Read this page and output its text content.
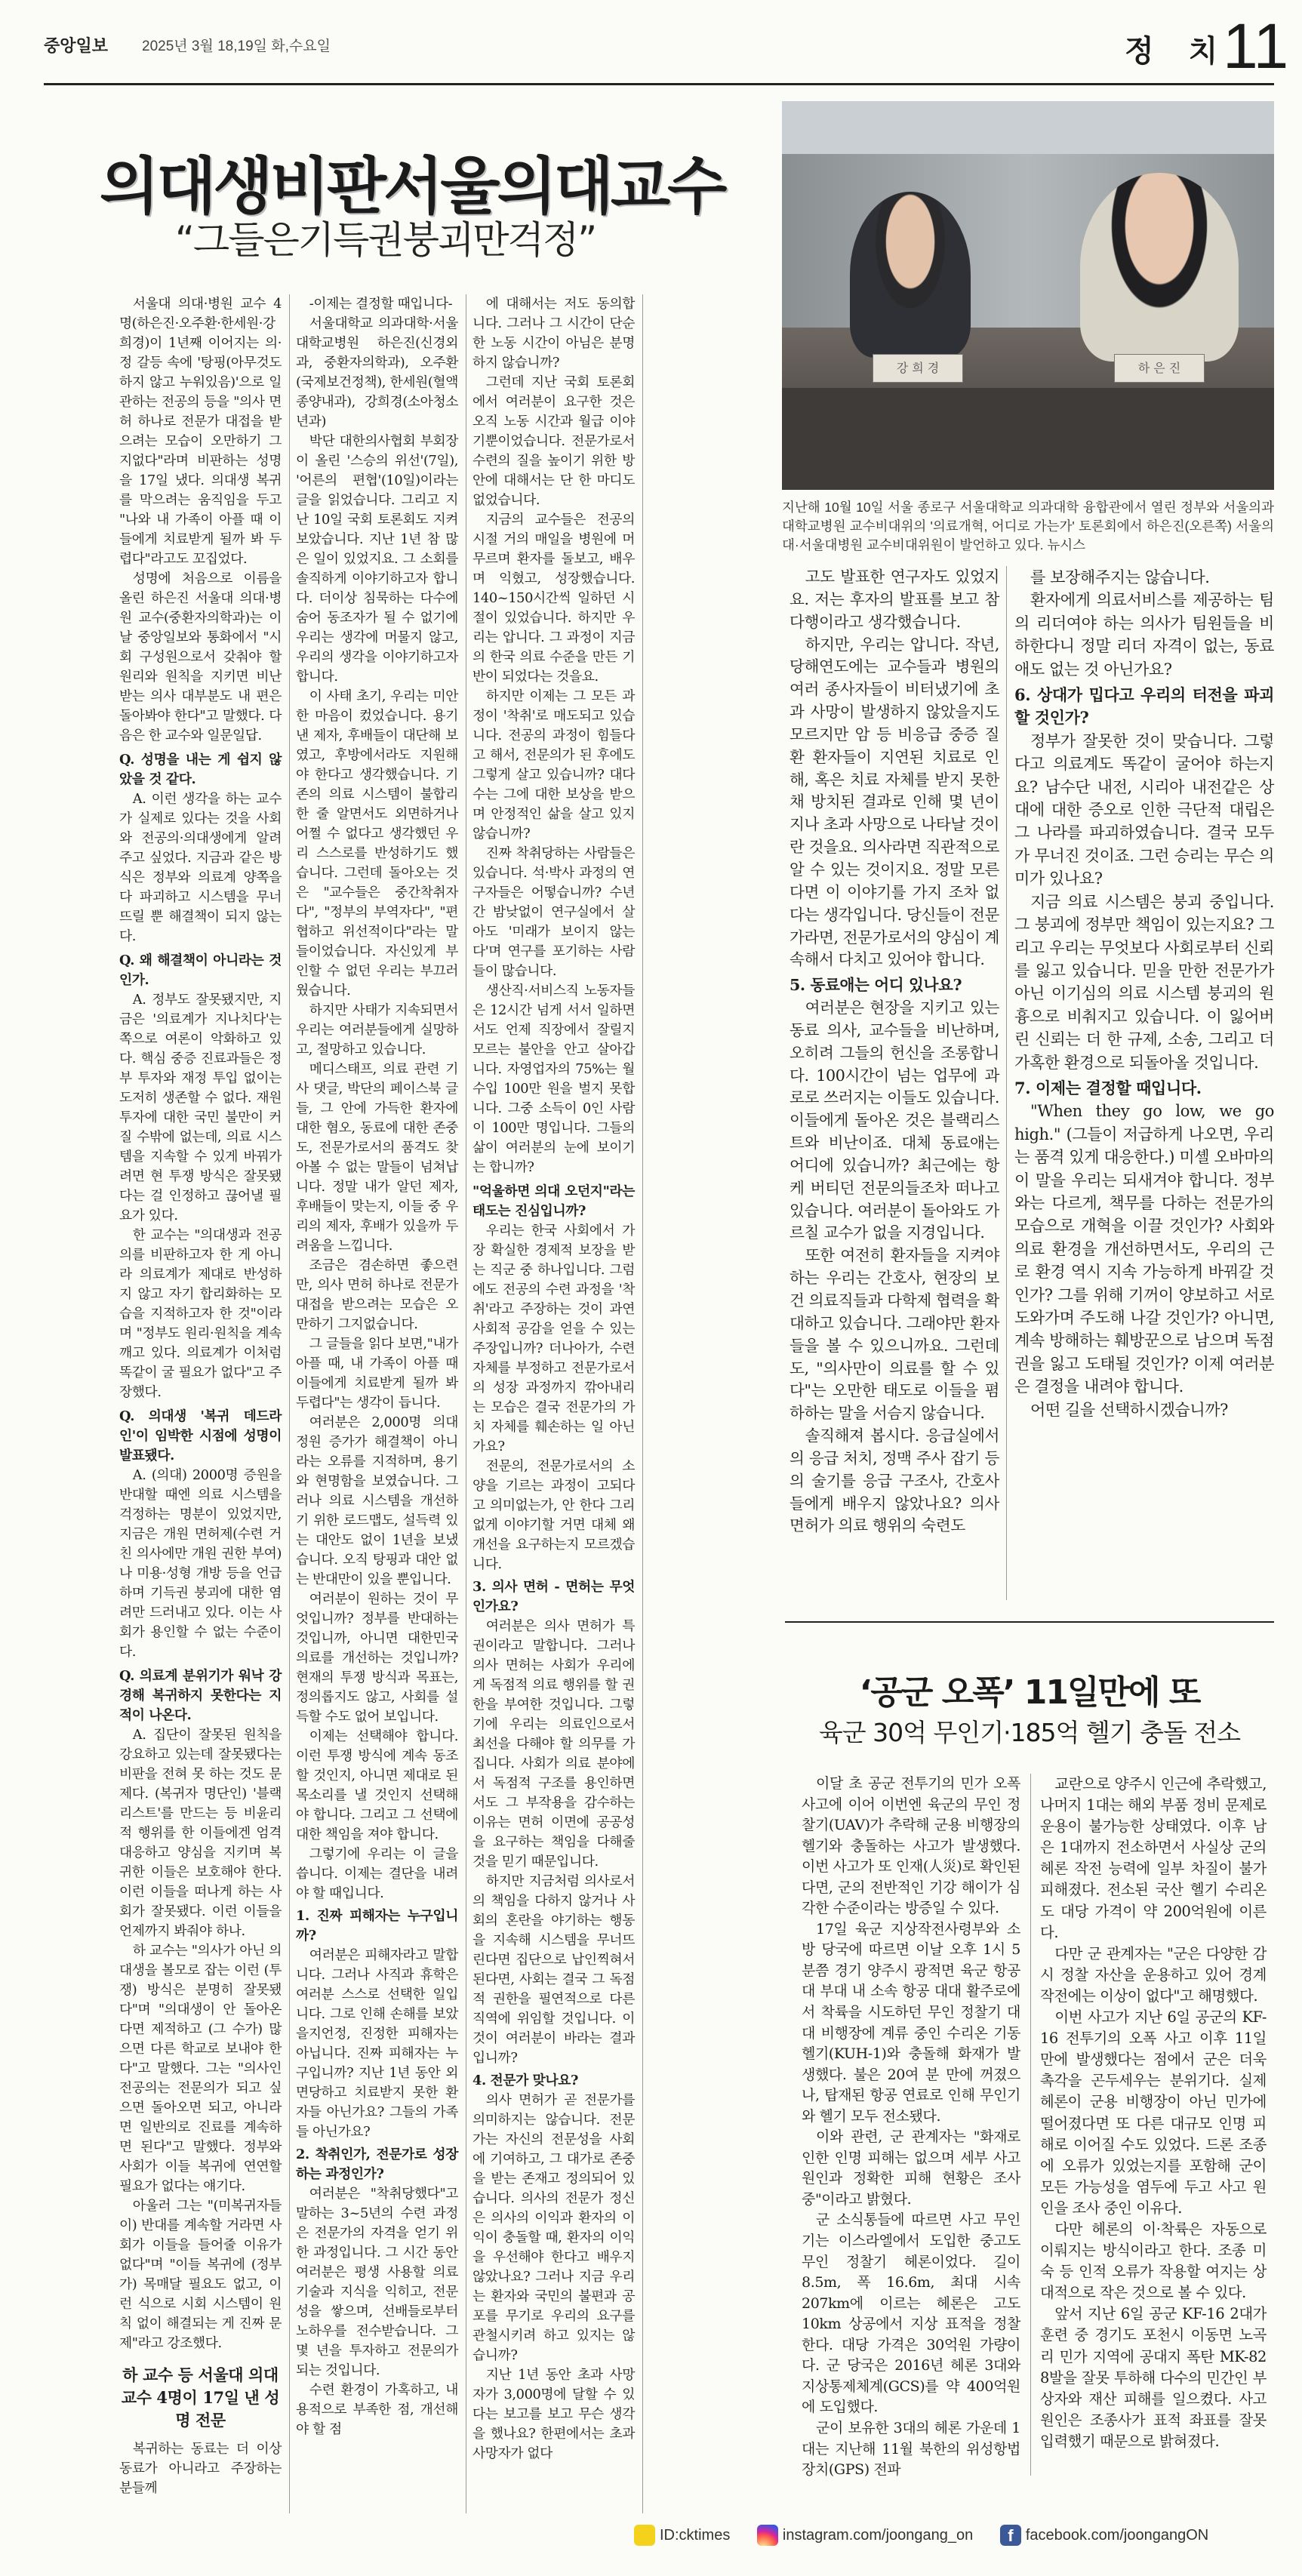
중앙일보 2025년 3월 18,19일 화,수요일	정 치
11
의대생비판서울의대교수
“그들은기득권붕괴만걱정”
강 희 경	하 은 진
지난해 10월 10일 서울 종로구 서울대학교 의과대학 융합관에서 열린 정부와 서울의과대학교병원 교수비대위의 '의료개혁, 어디로 가는가' 토론회에서 하은진(오른쪽) 서울의대·서울대병원 교수비대위원이 발언하고 있다. 뉴시스

서울대 의대·병원 교수 4명(하은진·오주환·한세원·강희경)이 1년째 이어지는 의·정 갈등 속에 '탕핑(아무것도 하지 않고 누워있음)'으로 일관하는 전공의 등을 "의사 면허 하나로 전문가 대접을 받으려는 모습이 오만하기 그지없다"라며 비판하는 성명을 17일 냈다. 의대생 복귀를 막으려는 움직임을 두고 "나와 내 가족이 아플 때 이들에게 치료받게 될까 봐 두렵다"라고도 꼬집었다.

성명에 처음으로 이름을 올린 하은진 서울대 의대·병원 교수(중환자의학과)는 이날 중앙일보와 통화에서 "시회 구성원으로서 갖춰야 할 원리와 원칙을 지키면 비난받는 의사 대부분도 내 편은 돌아봐야 한다"고 말했다. 다음은 한 교수와 일문일답.

Q. 성명을 내는 게 쉽지 않았을 것 같다.

A. 이런 생각을 하는 교수가 실제로 있다는 것을 사회와 전공의·의대생에게 알려주고 싶었다. 지금과 같은 방식은 정부와 의료계 양쪽을 다 파괴하고 시스템을 무너뜨릴 뿐 해결책이 되지 않는다.

Q. 왜 해결책이 아니라는 것인가.

A. 정부도 잘못됐지만, 지금은 '의료계가 지나치다'는 쪽으로 여론이 악화하고 있다. 핵심 중증 진료과들은 정부 투자와 재정 투입 없이는 도저히 생존할 수 없다. 재원 투자에 대한 국민 불만이 커질 수밖에 없는데, 의료 시스템을 지속할 수 있게 바꿔가려면 현 투쟁 방식은 잘못됐다는 걸 인정하고 끊어낼 필요가 있다.

한 교수는 "의대생과 전공의를 비판하고자 한 게 아니라 의료계가 제대로 반성하지 않고 자기 합리화하는 모습을 지적하고자 한 것"이라며 "정부도 원리·원칙을 계속 깨고 있다. 의료계가 이처럼 똑같이 굴 필요가 없다"고 주장했다.

Q. 의대생 '복귀 데드라인'이 임박한 시점에 성명이 발표됐다.

A. (의대) 2000명 증원을 반대할 때엔 의료 시스템을 걱정하는 명분이 있었지만, 지금은 개원 면허제(수련 거친 의사에만 개원 권한 부여)나 미용·성형 개방 등을 언급하며 기득권 붕괴에 대한 염려만 드러내고 있다. 이는 사회가 용인할 수 없는 수준이다.

Q. 의료계 분위기가 워낙 강경해 복귀하지 못한다는 지적이 나온다.

A. 집단이 잘못된 원칙을 강요하고 있는데 잘못됐다는 비판을 전혀 못 하는 것도 문제다. (복귀자 명단인) '블랙리스트'를 만드는 등 비윤리적 행위를 한 이들에겐 엄격 대응하고 양심을 지키며 복귀한 이들은 보호해야 한다. 이런 이들을 떠나게 하는 사회가 잘못됐다. 이런 이들을 언제까지 봐줘야 하나.

하 교수는 "의사가 아닌 의대생을 볼모로 잡는 이런 (투쟁) 방식은 분명히 잘못됐다"며 "의대생이 안 돌아온다면 제적하고 (그 수가) 많으면 다른 학교로 보내야 한다"고 말했다. 그는 "의사인 전공의는 전문의가 되고 싶으면 돌아오면 되고, 아니라면 일반의로 진료를 계속하면 된다"고 말했다. 정부와 사회가 이들 복귀에 연연할 필요가 없다는 얘기다.

아울러 그는 "(미복귀자들이) 반대를 계속할 거라면 사회가 이들을 들어줄 이유가 없다"며 "이들 복귀에 (정부가) 목매달 필요도 없고, 이런 식으로 시회 시스템이 원칙 없이 해결되는 게 진짜 문제"라고 강조했다.

하 교수 등 서울대 의대 교수 4명이 17일 낸 성명 전문

복귀하는 동료는 더 이상 동료가 아니라고 주장하는 분들께

-이제는 결정할 때입니다-

서울대학교 의과대학·서울대학교병원 하은진(신경외과, 중환자의학과), 오주환(국제보건정책), 한세원(혈액종양내과), 강희경(소아청소년과)

박단 대한의사협회 부회장이 올린 '스승의 위선'(7일), '어른의 편협'(10일)이라는 글을 읽었습니다. 그리고 지난 10일 국회 토론회도 지켜보았습니다. 지난 1년 참 많은 일이 있었지요. 그 소회를 솔직하게 이야기하고자 합니다. 더이상 침묵하는 다수에 숨어 동조자가 될 수 없기에 우리는 생각에 머물지 않고, 우리의 생각을 이야기하고자 합니다.

이 사태 초기, 우리는 미안한 마음이 컸었습니다. 용기 낸 제자, 후배들이 대단해 보였고, 후방에서라도 지원해야 한다고 생각했습니다. 기존의 의료 시스템이 불합리한 줄 알면서도 외면하거나 어쩔 수 없다고 생각했던 우리 스스로를 반성하기도 했습니다. 그런데 돌아오는 것은 "교수들은 중간착취자다", "정부의 부역자다", "편협하고 위선적이다"라는 말들이었습니다. 자신있게 부인할 수 없던 우리는 부끄러웠습니다.

하지만 사태가 지속되면서 우리는 여러분들에게 실망하고, 절망하고 있습니다.

메디스태프, 의료 관련 기사 댓글, 박단의 페이스북 글들, 그 안에 가득한 환자에 대한 혐오, 동료에 대한 존중도, 전문가로서의 품격도 찾아볼 수 없는 말들이 넘쳐납니다. 정말 내가 알던 제자, 후배들이 맞는지, 이들 중 우리의 제자, 후배가 있을까 두려움을 느낍니다.

조금은 겸손하면 좋으련만, 의사 면허 하나로 전문가 대접을 받으려는 모습은 오만하기 그지없습니다.

그 글들을 읽다 보면,"내가 아플 때, 내 가족이 아플 때 이들에게 치료받게 될까 봐 두렵다"는 생각이 듭니다.

여러분은 2,000명 의대 정원 증가가 해결책이 아니라는 오류를 지적하며, 용기와 현명함을 보였습니다. 그러나 의료 시스템을 개선하기 위한 로드맵도, 설득력 있는 대안도 없이 1년을 보냈습니다. 오직 탕핑과 대안 없는 반대만이 있을 뿐입니다.

여러분이 원하는 것이 무엇입니까? 정부를 반대하는 것입니까, 아니면 대한민국 의료를 개선하는 것입니까? 현재의 투쟁 방식과 목표는, 정의롭지도 않고, 사회를 설득할 수도 없어 보입니다.

이제는 선택해야 합니다. 이런 투쟁 방식에 계속 동조할 것인지, 아니면 제대로 된 목소리를 낼 것인지 선택해야 합니다. 그리고 그 선택에 대한 책임을 져야 합니다.

그렇기에 우리는 이 글을 씁니다. 이제는 결단을 내려야 할 때입니다.

1. 진짜 피해자는 누구입니까?

여러분은 피해자라고 말합니다. 그러나 사직과 휴학은 여러분 스스로 선택한 일입니다. 그로 인해 손해를 보았을지언정, 진정한 피해자는 아닙니다. 진짜 피해자는 누구입니까? 지난 1년 동안 외면당하고 치료받지 못한 환자들 아닌가요? 그들의 가족들 아닌가요?

2. 착취인가, 전문가로 성장하는 과정인가?

여러분은 "착취당했다"고 말하는 3~5년의 수련 과정은 전문가의 자격을 얻기 위한 과정입니다. 그 시간 동안 여러분은 평생 사용할 의료 기술과 지식을 익히고, 전문성을 쌓으며, 선배들로부터 노하우를 전수받습니다. 그 몇 년을 투자하고 전문의가 되는 것입니다.

수련 환경이 가혹하고, 내용적으로 부족한 점, 개선해야 할 점

에 대해서는 저도 동의합니다. 그러나 그 시간이 단순한 노동 시간이 아님은 분명하지 않습니까?

그런데 지난 국회 토론회에서 여러분이 요구한 것은 오직 노동 시간과 월급 이야기뿐이었습니다. 전문가로서 수련의 질을 높이기 위한 방안에 대해서는 단 한 마디도 없었습니다.

지금의 교수들은 전공의 시절 거의 매일을 병원에 머무르며 환자를 돌보고, 배우며 익혔고, 성장했습니다. 140~150시간씩 일하던 시절이 있었습니다. 하지만 우리는 압니다. 그 과정이 지금의 한국 의료 수준을 만든 기반이 되었다는 것을요.

하지만 이제는 그 모든 과정이 '착취'로 매도되고 있습니다. 전공의 과정이 힘들다고 해서, 전문의가 된 후에도 그렇게 살고 있습니까? 대다수는 그에 대한 보상을 받으며 안정적인 삶을 살고 있지 않습니까?

진짜 착취당하는 사람들은 있습니다. 석·박사 과정의 연구자들은 어떻습니까? 수년간 밤낮없이 연구실에서 살아도 '미래가 보이지 않는다'며 연구를 포기하는 사람들이 많습니다.

생산직·서비스직 노동자들은 12시간 넘게 서서 일하면서도 언제 직장에서 잘릴지 모르는 불안을 안고 살아갑니다. 자영업자의 75%는 월수입 100만 원을 벌지 못합니다. 그중 소득이 0인 사람이 100만 명입니다. 그들의 삶이 여러분의 눈에 보이기는 합니까?

"억울하면 의대 오던지"라는 태도는 진심입니까?

우리는 한국 사회에서 가장 확실한 경제적 보장을 받는 직군 중 하나입니다. 그럼에도 전공의 수련 과정을 '착취'라고 주장하는 것이 과연 사회적 공감을 얻을 수 있는 주장입니까? 더나아가, 수련 자체를 부정하고 전문가로서의 성장 과정까지 깎아내리는 모습은 결국 전문가의 가치 자체를 훼손하는 일 아닌가요?

전문의, 전문가로서의 소양을 기르는 과정이 고되다고 의미없는가, 안 한다 그리 없게 이야기할 거면 대체 왜 개선을 요구하는지 모르겠습니다.

3. 의사 면허 - 면허는 무엇인가요?

여러분은 의사 면허가 특권이라고 말합니다. 그러나 의사 면허는 사회가 우리에게 독점적 의료 행위를 할 권한을 부여한 것입니다. 그렇기에 우리는 의료인으로서 최선을 다해야 할 의무를 가집니다. 사회가 의료 분야에서 독점적 구조를 용인하면서도 그 부작용을 감수하는 이유는 면허 이면에 공공성을 요구하는 책임을 다해줄 것을 믿기 때문입니다.

하지만 지금처럼 의사로서의 책임을 다하지 않거나 사회의 혼란을 야기하는 행동을 지속해 시스템을 무너뜨린다면 집단으로 납인찍혀서 된다면, 사회는 결국 그 독점적 권한을 필연적으로 다른 직역에 위임할 것입니다. 이것이 여러분이 바라는 결과입니까?

4. 전문가 맞나요?

의사 면허가 곧 전문가를 의미하지는 않습니다. 전문가는 자신의 전문성을 사회에 기여하고, 그 대가로 존중을 받는 존재고 정의되어 있습니다. 의사의 전문가 정신은 의사의 이익과 환자의 이익이 충돌할 때, 환자의 이익을 우선해야 한다고 배우지 않았나요? 그러나 지금 우리는 환자와 국민의 불편과 공포를 무기로 우리의 요구를 관철시키려 하고 있지는 않습니까?

지난 1년 동안 초과 사망자가 3,000명에 달할 수 있다는 보고를 보고 무슨 생각을 했나요? 한편에서는 초과 사망자가 없다

고도 발표한 연구자도 있었지요. 저는 후자의 발표를 보고 참 다행이라고 생각했습니다.

하지만, 우리는 압니다. 작년, 당해연도에는 교수들과 병원의 여러 종사자들이 비터냈기에 초과 사망이 발생하지 않았을지도 모르지만 암 등 비응급 중증 질환 환자들이 지연된 치료로 인해, 혹은 치료 자체를 받지 못한 채 방치된 결과로 인해 몇 년이 지나 초과 사망으로 나타날 것이란 것을요. 의사라면 직관적으로 알 수 있는 것이지요. 정말 모른다면 이 이야기를 가지 조차 없다는 생각입니다. 당신들이 전문가라면, 전문가로서의 양심이 계속해서 다치고 있어야 합니다.

5. 동료애는 어디 있나요?

여러분은 현장을 지키고 있는 동료 의사, 교수들을 비난하며, 오히려 그들의 헌신을 조롱합니다. 100시간이 넘는 업무에 과로로 쓰러지는 이들도 있습니다. 이들에게 돌아온 것은 블랙리스트와 비난이죠. 대체 동료애는 어디에 있습니까? 최근에는 항케 버티던 전문의들조차 떠나고 있습니다. 여러분이 돌아와도 가르칠 교수가 없을 지경입니다.

또한 여전히 환자들을 지켜야 하는 우리는 간호사, 현장의 보건 의료직들과 다학제 협력을 확대하고 있습니다. 그래야만 환자들을 볼 수 있으니까요. 그런데도, "의사만이 의료를 할 수 있다"는 오만한 태도로 이들을 폄하하는 말을 서슴지 않습니다.

솔직해져 봅시다. 응급실에서의 응급 처치, 정맥 주사 잡기 등의 술기를 응급 구조사, 간호사들에게 배우지 않았나요? 의사 면허가 의료 행위의 숙련도

를 보장해주지는 않습니다.

환자에게 의료서비스를 제공하는 팀의 리더여야 하는 의사가 팀원들을 비하한다니 정말 리더 자격이 없는, 동료애도 없는 것 아닌가요?

6. 상대가 밉다고 우리의 터전을 파괴할 것인가?

정부가 잘못한 것이 맞습니다. 그렇다고 의료계도 똑같이 굴어야 하는지요? 남수단 내전, 시리아 내전같은 상대에 대한 증오로 인한 극단적 대립은 그 나라를 파괴하였습니다. 결국 모두가 무너진 것이죠. 그런 승리는 무슨 의미가 있나요?

지금 의료 시스템은 붕괴 중입니다. 그 붕괴에 정부만 책임이 있는지요? 그리고 우리는 무엇보다 사회로부터 신뢰를 잃고 있습니다. 믿을 만한 전문가가 아닌 이기심의 의료 시스템 붕괴의 원흉으로 비춰지고 있습니다. 이 잃어버린 신뢰는 더 한 규제, 소송, 그리고 더 가혹한 환경으로 되돌아올 것입니다.

7. 이제는 결정할 때입니다.

"When they go low, we go high." (그들이 저급하게 나오면, 우리는 품격 있게 대응한다.) 미셸 오바마의 이 말을 우리는 되새겨야 합니다. 정부와는 다르게, 책무를 다하는 전문가의 모습으로 개혁을 이끌 것인가? 사회와 의료 환경을 개선하면서도, 우리의 근로 환경 역시 지속 가능하게 바꿔갈 것인가? 그를 위해 기꺼이 양보하고 서로 도와가며 주도해 나갈 것인가? 아니면, 계속 방해하는 훼방꾼으로 남으며 독점권을 잃고 도태될 것인가? 이제 여러분은 결정을 내려야 합니다.

어떤 길을 선택하시겠습니까?

‘공군 오폭’ 11일만에 또
육군 30억 무인기·185억 헬기 충돌 전소

이달 초 공군 전투기의 민가 오폭 사고에 이어 이번엔 육군의 무인 정찰기(UAV)가 추락해 군용 비행장의 헬기와 충돌하는 사고가 발생했다. 이번 사고가 또 인재(人災)로 확인된다면, 군의 전반적인 기강 해이가 심각한 수준이라는 방증일 수 있다.

17일 육군 지상작전사령부와 소방 당국에 따르면 이날 오후 1시 5분쯤 경기 양주시 광적면 육군 항공대 부대 내 소속 항공 대대 활주로에서 착륙을 시도하던 무인 정찰기 대대 비행장에 계류 중인 수리온 기동헬기(KUH-1)와 충돌해 화재가 발생했다. 불은 20여 분 만에 꺼졌으나, 탑재된 항공 연료로 인해 무인기와 헬기 모두 전소됐다.

이와 관련, 군 관계자는 "화재로 인한 인명 피해는 없으며 세부 사고 원인과 정확한 피해 현황은 조사 중"이라고 밝혔다.

군 소식통들에 따르면 사고 무인기는 이스라엘에서 도입한 중고도 무인 정찰기 헤론이었다. 길이 8.5m, 폭 16.6m, 최대 시속 207km에 이르는 헤론은 고도 10km 상공에서 지상 표적을 정찰한다. 대당 가격은 30억원 가량이다. 군 당국은 2016년 헤론 3대와 지상통제체계(GCS)를 약 400억원에 도입했다.

군이 보유한 3대의 헤론 가운데 1대는 지난해 11월 북한의 위성항법장치(GPS) 전파

교란으로 양주시 인근에 추락했고, 나머지 1대는 해외 부품 정비 문제로 운용이 불가능한 상태였다. 이후 남은 1대까지 전소하면서 사실상 군의 헤론 작전 능력에 일부 차질이 불가피해졌다. 전소된 국산 헬기 수리온도 대당 가격이 약 200억원에 이른다.

다만 군 관계자는 "군은 다양한 감시 정찰 자산을 운용하고 있어 경계 작전에는 이상이 없다"고 해명했다.

이번 사고가 지난 6일 공군의 KF-16 전투기의 오폭 사고 이후 11일 만에 발생했다는 점에서 군은 더욱 촉각을 곤두세우는 분위기다. 실제 헤론이 군용 비행장이 아닌 민가에 떨어졌다면 또 다른 대규모 인명 피해로 이어질 수도 있었다. 드론 조종에 오류가 있었는지를 포함해 군이 모든 가능성을 염두에 두고 사고 원인을 조사 중인 이유다.

다만 헤론의 이·착륙은 자동으로 이뤄지는 방식이라고 한다. 조종 미숙 등 인적 오류가 작용할 여지는 상대적으로 작은 것으로 볼 수 있다.

앞서 지난 6일 공군 KF-16 2대가 훈련 중 경기도 포천시 이동면 노곡리 민가 지역에 공대지 폭탄 MK-82 8발을 잘못 투하해 다수의 민간인 부상자와 재산 피해를 일으켰다. 사고 원인은 조종사가 표적 좌표를 잘못 입력했기 때문으로 밝혀졌다.

ID:cktimes	instagram.com/joongang_on f facebook.com/joongangON
